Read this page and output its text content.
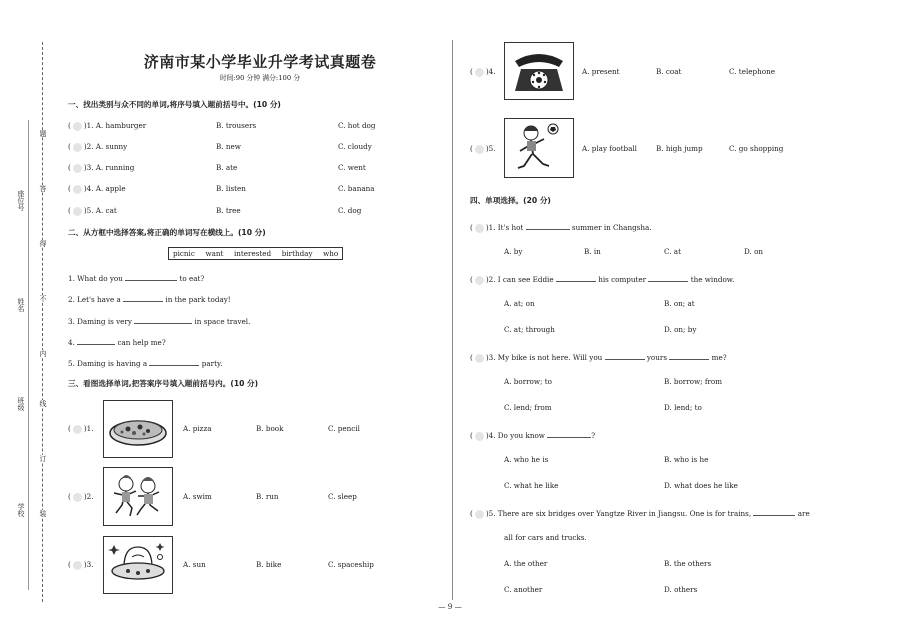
座位号
姓名
班级
学校
题
答
得
不
内
线
订
装
济南市某小学毕业升学考试真题卷
时间:90 分钟 满分:100 分
一、找出类别与众不同的单词,将序号填入题前括号中。(10 分)
( )1. A. hamburger	B. trousers	C. hot dog
( )2. A. sunny	B. new	C. cloudy
( )3. A. running	B. ate	C. went
( )4. A. apple	B. listen	C. banana
( )5. A. cat	B. tree	C. dog
二、从方框中选择答案,将正确的单词写在横线上。(10 分)
picnic  want  interested  birthday  who
1. What do you	to eat?
2. Let's have a	in the park today!
3. Daming is very	in space travel.
4.	can help me?
5. Daming is having a	party.
三、看图选择单词,把答案序号填入题前括号内。(10 分)
( )1.	A. pizza	B. book	C. pencil
( )2.	A. swim	B. run	C. sleep
( )3.	A. sun	B. bike	C. spaceship
( )4.	A. present	B. coat	C. telephone
( )5.	A. play football	B. high jump	C. go shopping
四、单项选择。(20 分)
( )1. It's hot	summer in Changsha.
A. by	B. in	C. at	D. on
( )2. I can see Eddie	his computer	the window.
A. at; on	B. on; at
C. at; through	D. on; by
( )3. My bike is not here. Will you	yours	me?
A. borrow; to	B. borrow; from
C. lend; from	D. lend; to
( )4. Do you know	?
A. who he is	B. who is he
C. what he like	D. what does he like
( )5. There are six bridges over Yangtze River in Jiangsu. One is for trains,	are
all for cars and trucks.
A. the other	B. the others
C. another	D. others
— 9 —
